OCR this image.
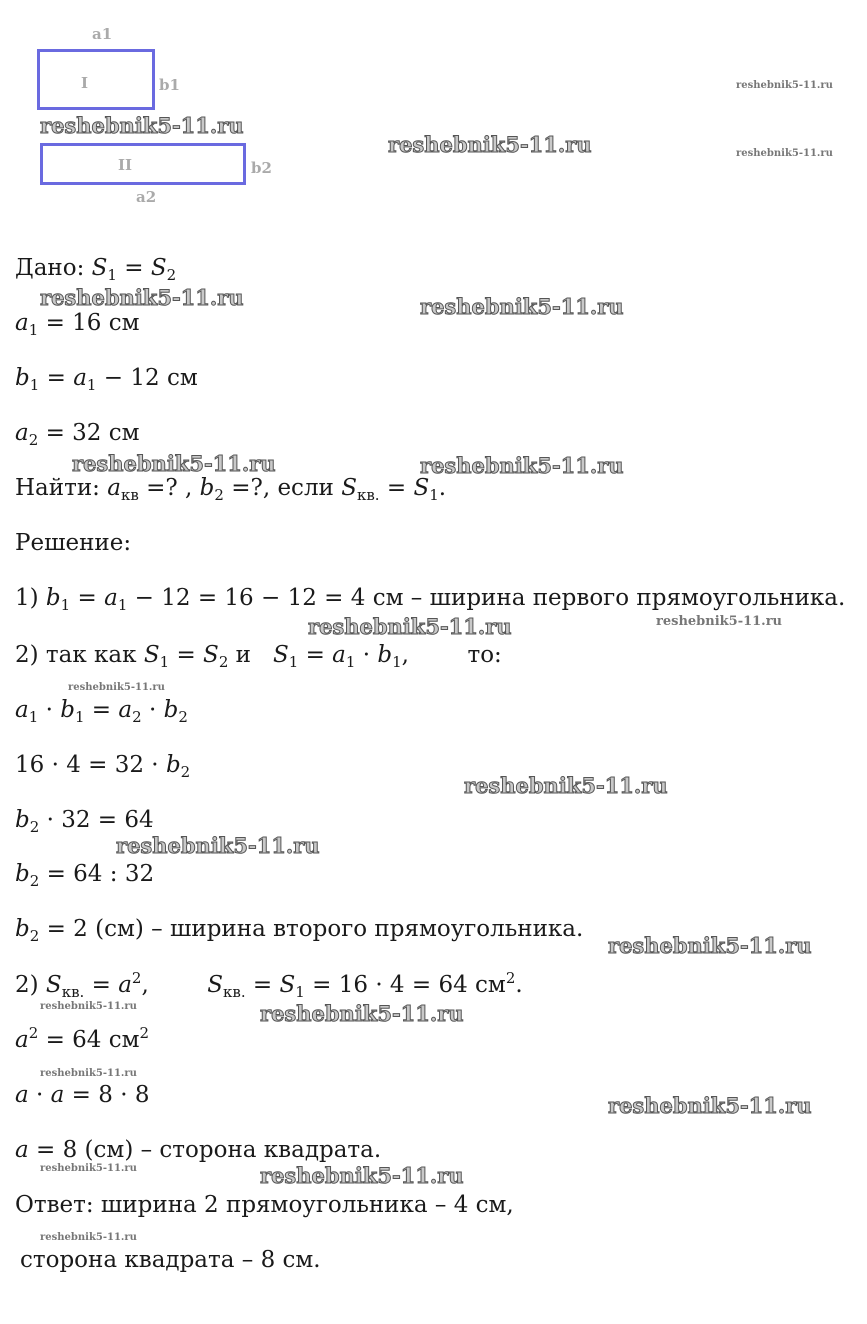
a1
I	b1
II	b2
a2
reshebnik5-11.ru
reshebnik5-11.ru
reshebnik5-11.ru
reshebnik5-11.ru
reshebnik5-11.ru	reshebnik5-11.ru
reshebnik5-11.ru	reshebnik5-11.ru
reshebnik5-11.ru	reshebnik5-11.ru
reshebnik5-11.ru
reshebnik5-11.ru
reshebnik5-11.ru
reshebnik5-11.ru
reshebnik5-11.ru	reshebnik5-11.ru
reshebnik5-11.ru
reshebnik5-11.ru
reshebnik5-11.ru	reshebnik5-11.ru
reshebnik5-11.ru
Дано: $S_1 = S_2$
$a_1 = 16$ см
$b_1 = a_1 - 12$ см
$a_2 = 32$ см
Найти: $a_{кв}$ =? , $b_2$ =?, если $S_{кв.} = S_1$.
Решение:
1) $b_1 = a_1 - 12 = 16 - 12 = 4$ см – ширина первого прямоугольника.
2) так как $S_1 = S_2$ и $S_1 = a_1 \cdot b_1$,        то:
$a_1 \cdot b_1 = a_2 \cdot b_2$
$16 \cdot 4 = 32 \cdot b_2$
$b_2 \cdot 32 = 64$
$b_2 = 64$ : 32
$b_2 = 2$ (см) – ширина второго прямоугольника.
2) $S_{кв.} = a^2$,        $S_{кв.} = S_1 = 16 \cdot 4 = 64$ $см^2$.
$a^2 = 64$ $см^2$
a · a = 8 · 8
a = 8 (см) – сторона квадрата.
Ответ: ширина 2 прямоугольника – 4 см,
сторона квадрата – 8 см.
